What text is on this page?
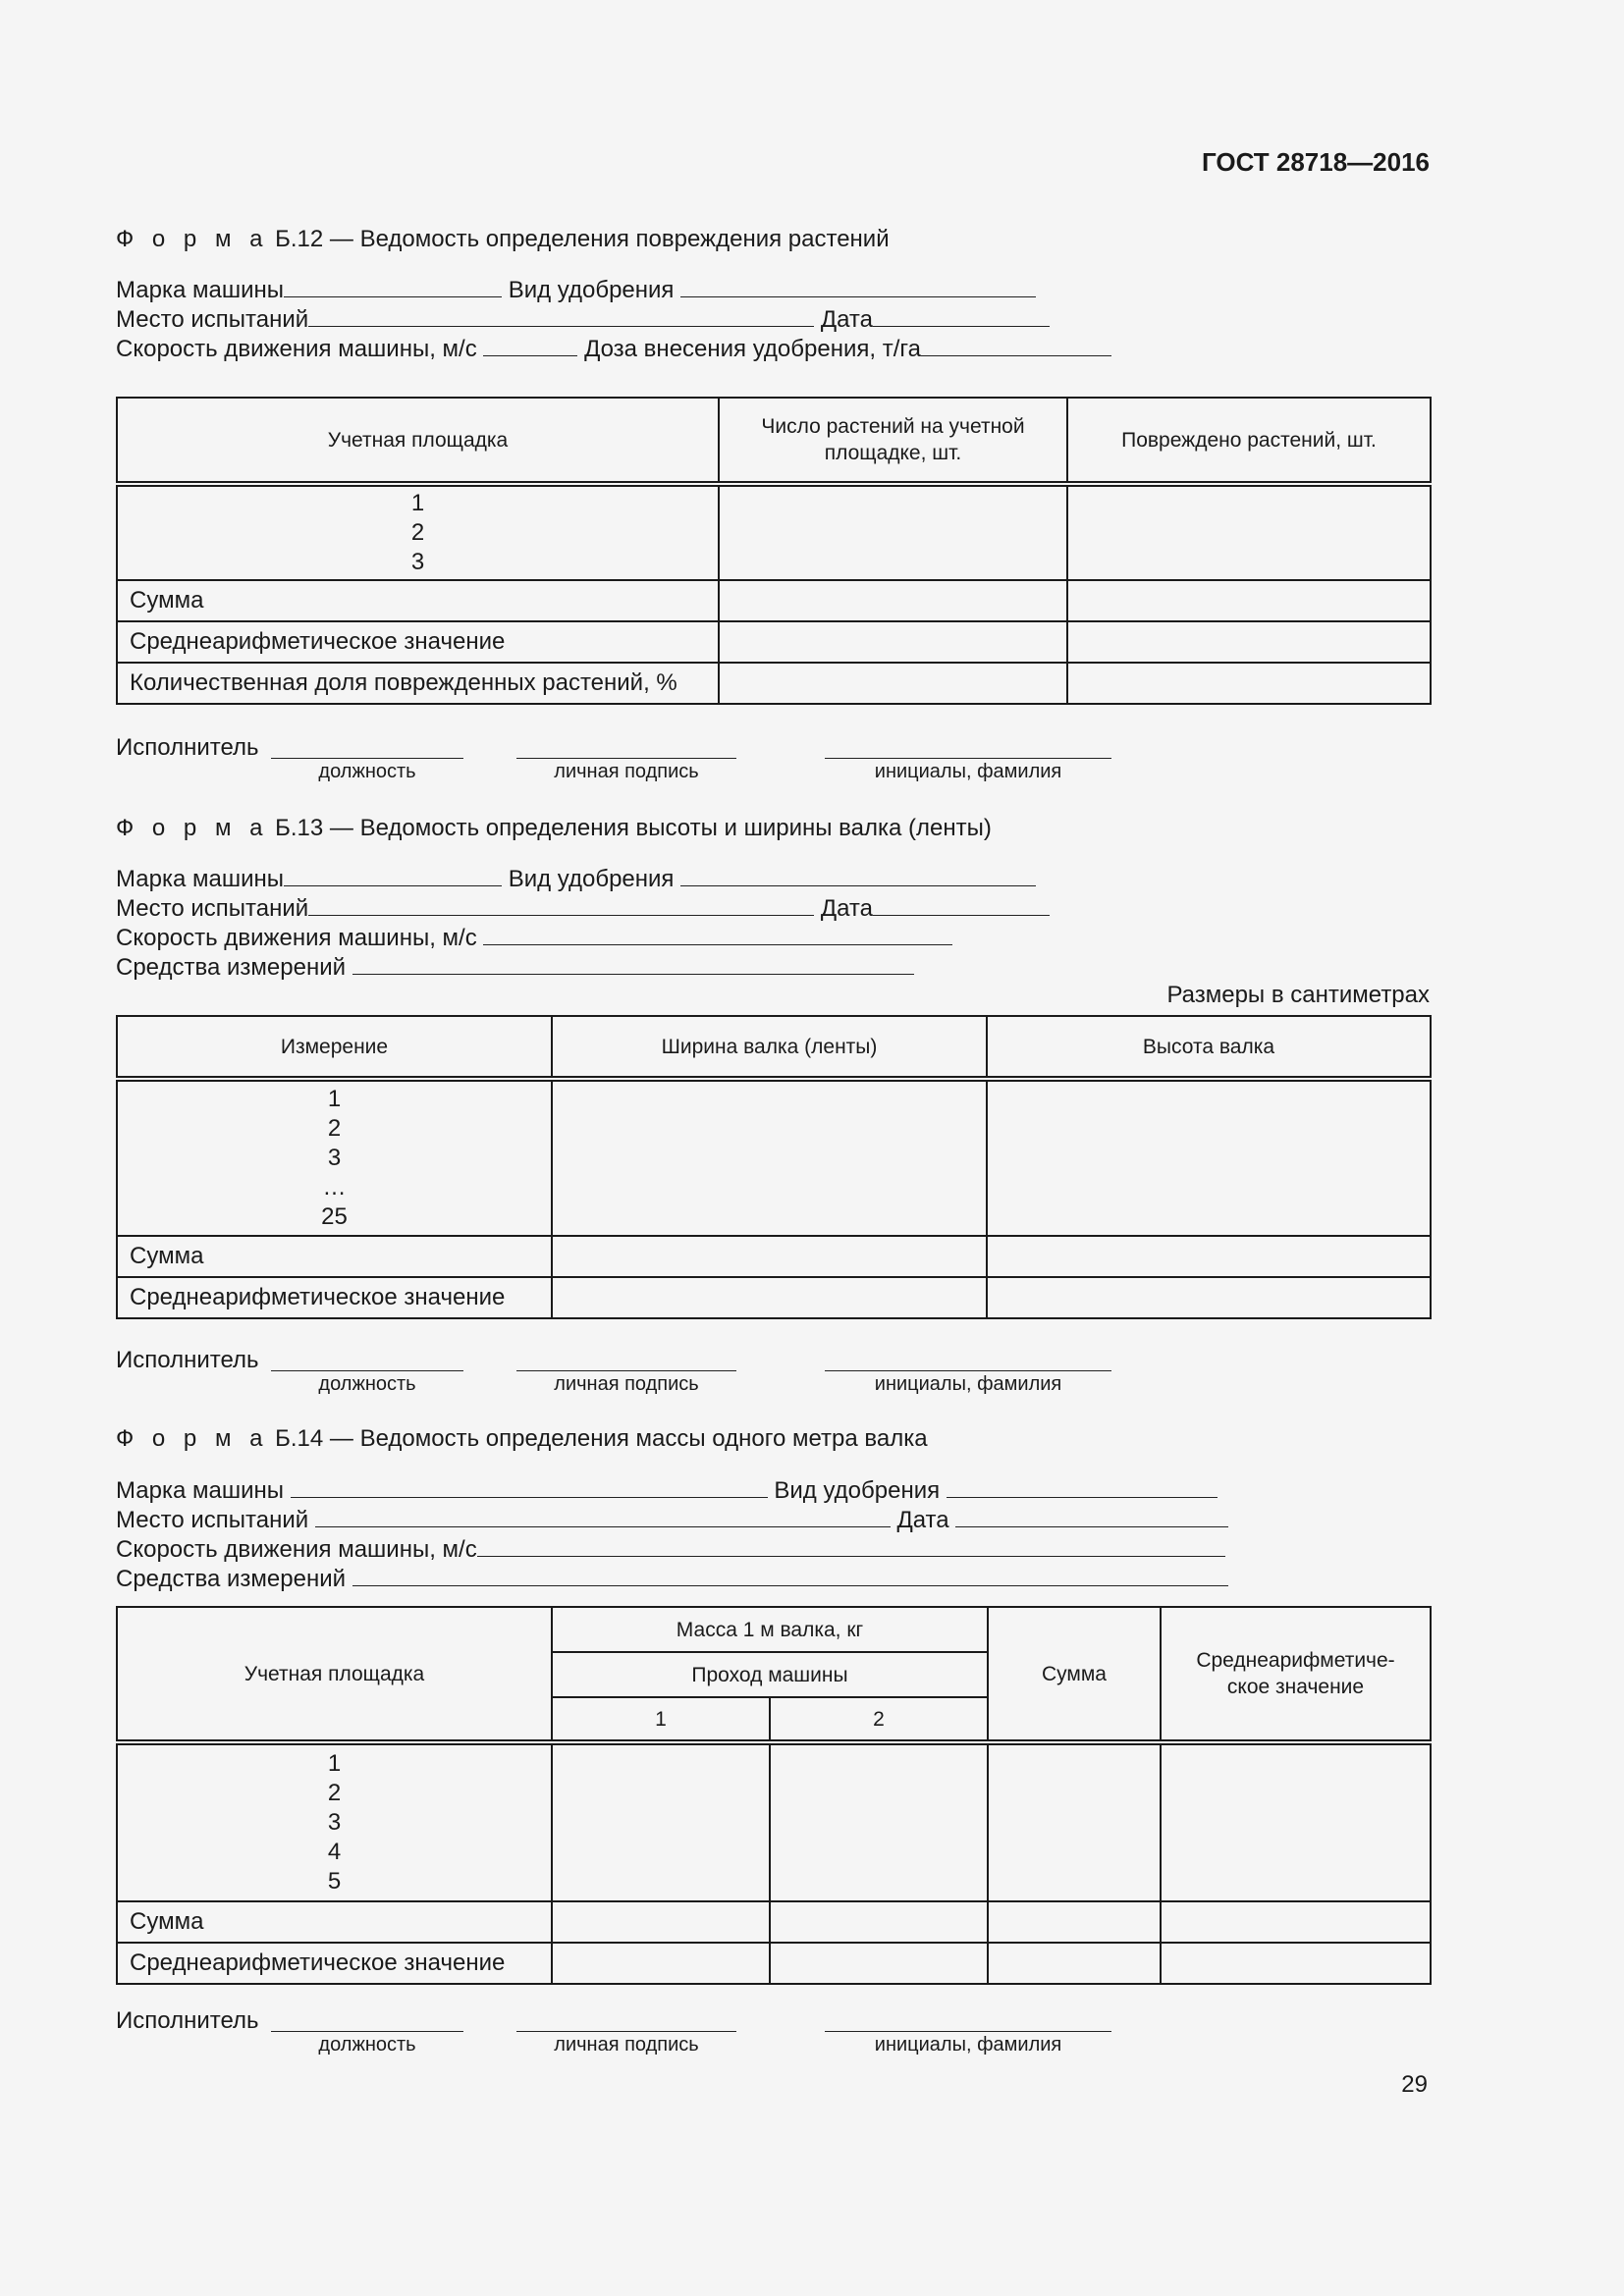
ГОСТ 28718—2016
Ф о р м а Б.12 — Ведомость определения повреждения растений
Марка машины	Вид удобрения
Место испытаний	Дата
Скорость движения машины, м/с	Доза внесения удобрения, т/га
Учетная площадка	Число растений на учетной площадке, шт.	Повреждено растений, шт.
1
2
3		
Сумма		
Среднеарифметическое значение		
Количественная доля поврежденных растений, %		
Исполнитель
должность	личная подпись	инициалы, фамилия
Ф о р м а Б.13 — Ведомость определения высоты и ширины валка (ленты)
Марка машины	Вид удобрения
Место испытаний	Дата
Скорость движения машины, м/с
Средства измерений
Размеры в сантиметрах
Измерение	Ширина валка (ленты)	Высота валка
1
2
3
…
25		
Сумма		
Среднеарифметическое значение		
Исполнитель
должность	личная подпись	инициалы, фамилия
Ф о р м а Б.14 — Ведомость определения массы одного метра валка
Марка машины	Вид удобрения
Место испытаний	Дата
Скорость движения машины, м/с
Средства измерений
Учетная площадка	Масса 1 м валка, кг		Сумма	Среднеарифметиче-ское значение
	Проход машины			
	1	2		
1
2
3
4
5				
Сумма				
Среднеарифметическое значение				
Исполнитель
должность	личная подпись	инициалы, фамилия
29
